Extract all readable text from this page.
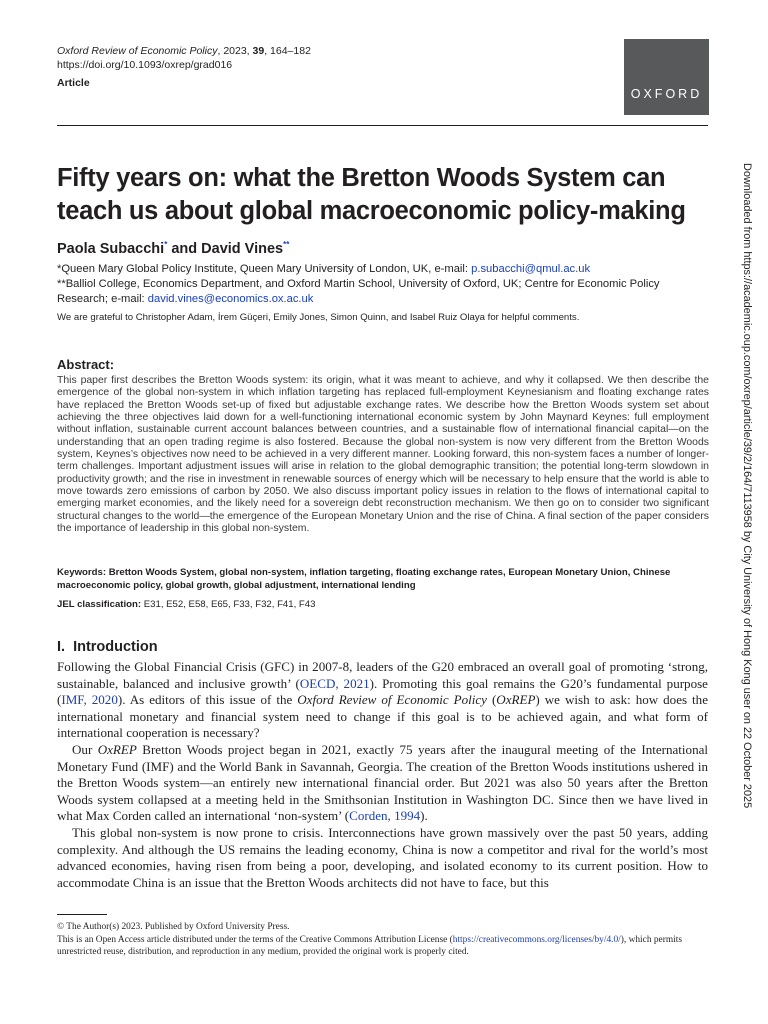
Oxford Review of Economic Policy, 2023, 39, 164–182
https://doi.org/10.1093/oxrep/grad016
Article
OXFORD
Fifty years on: what the Bretton Woods System can teach us about global macroeconomic policy-making
Paola Subacchi* and David Vines**
*Queen Mary Global Policy Institute, Queen Mary University of London, UK, e-mail: p.subacchi@qmul.ac.uk
**Balliol College, Economics Department, and Oxford Martin School, University of Oxford, UK; Centre for Economic Policy Research; e-mail: david.vines@economics.ox.ac.uk
We are grateful to Christopher Adam, İrem Güçeri, Emily Jones, Simon Quinn, and Isabel Ruiz Olaya for helpful comments.
Abstract:

This paper first describes the Bretton Woods system: its origin, what it was meant to achieve, and why it collapsed. We then describe the emergence of the global non-system in which inflation targeting has replaced full-employment Keynesianism and floating exchange rates have replaced the Bretton Woods set-up of fixed but adjustable exchange rates. We describe how the Bretton Woods system set about achieving the three objectives laid down for a well-functioning international economic system by John Maynard Keynes: full employment without inflation, sustainable current account balances between countries, and a sustainable flow of international financial capital—on the understanding that an open trading regime is also fostered. Because the global non-system is now very different from the Bretton Woods system, Keynes’s objectives now need to be achieved in a very different manner. Looking forward, this non-system faces a number of longer-term challenges. Important adjustment issues will arise in relation to the global demographic transition; the potential long-term slowdown in productivity growth; and the rise in investment in renewable sources of energy which will be necessary to help ensure that the world is able to move towards zero emissions of carbon by 2050. We also discuss important policy issues in relation to the flows of international capital to emerging market economies, and the likely need for a sovereign debt reconstruction mechanism. We then go on to consider two significant structural changes to the world—the emergence of the European Monetary Union and the rise of China. A final section of the paper considers the importance of leadership in this global non-system.

Keywords: Bretton Woods System, global non-system, inflation targeting, floating exchange rates, European Monetary Union, Chinese macroeconomic policy, global growth, global adjustment, international lending

JEL classification: E31, E52, E58, E65, F33, F32, F41, F43
I. Introduction

Following the Global Financial Crisis (GFC) in 2007-8, leaders of the G20 embraced an overall goal of promoting ‘strong, sustainable, balanced and inclusive growth’ (OECD, 2021). Promoting this goal remains the G20’s fundamental purpose (IMF, 2020). As editors of this issue of the Oxford Review of Economic Policy (OxREP) we wish to ask: how does the international monetary and financial system need to change if this goal is to be achieved again, and what form of international cooperation is necessary?

Our OxREP Bretton Woods project began in 2021, exactly 75 years after the inaugural meeting of the International Monetary Fund (IMF) and the World Bank in Savannah, Georgia. The creation of the Bretton Woods institutions ushered in the Bretton Woods system—an entirely new international financial order. But 2021 was also 50 years after the Bretton Woods system collapsed at a meeting held in the Smithsonian Institution in Washington DC. Since then we have lived in what Max Corden called an international ‘non-system’ (Corden, 1994).

This global non-system is now prone to crisis. Interconnections have grown massively over the past 50 years, adding complexity. And although the US remains the leading economy, China is now a competitor and rival for the world’s most advanced economies, having risen from being a poor, developing, and isolated economy to its current position. How to accommodate China is an issue that the Bretton Woods architects did not have to face, but this

© The Author(s) 2023. Published by Oxford University Press.

This is an Open Access article distributed under the terms of the Creative Commons Attribution License (https://creativecommons.org/licenses/by/4.0/), which permits unrestricted reuse, distribution, and reproduction in any medium, provided the original work is properly cited.

Downloaded from https://academic.oup.com/oxrep/article/39/2/164/7113958 by City University of Hong Kong user on 22 October 2025
